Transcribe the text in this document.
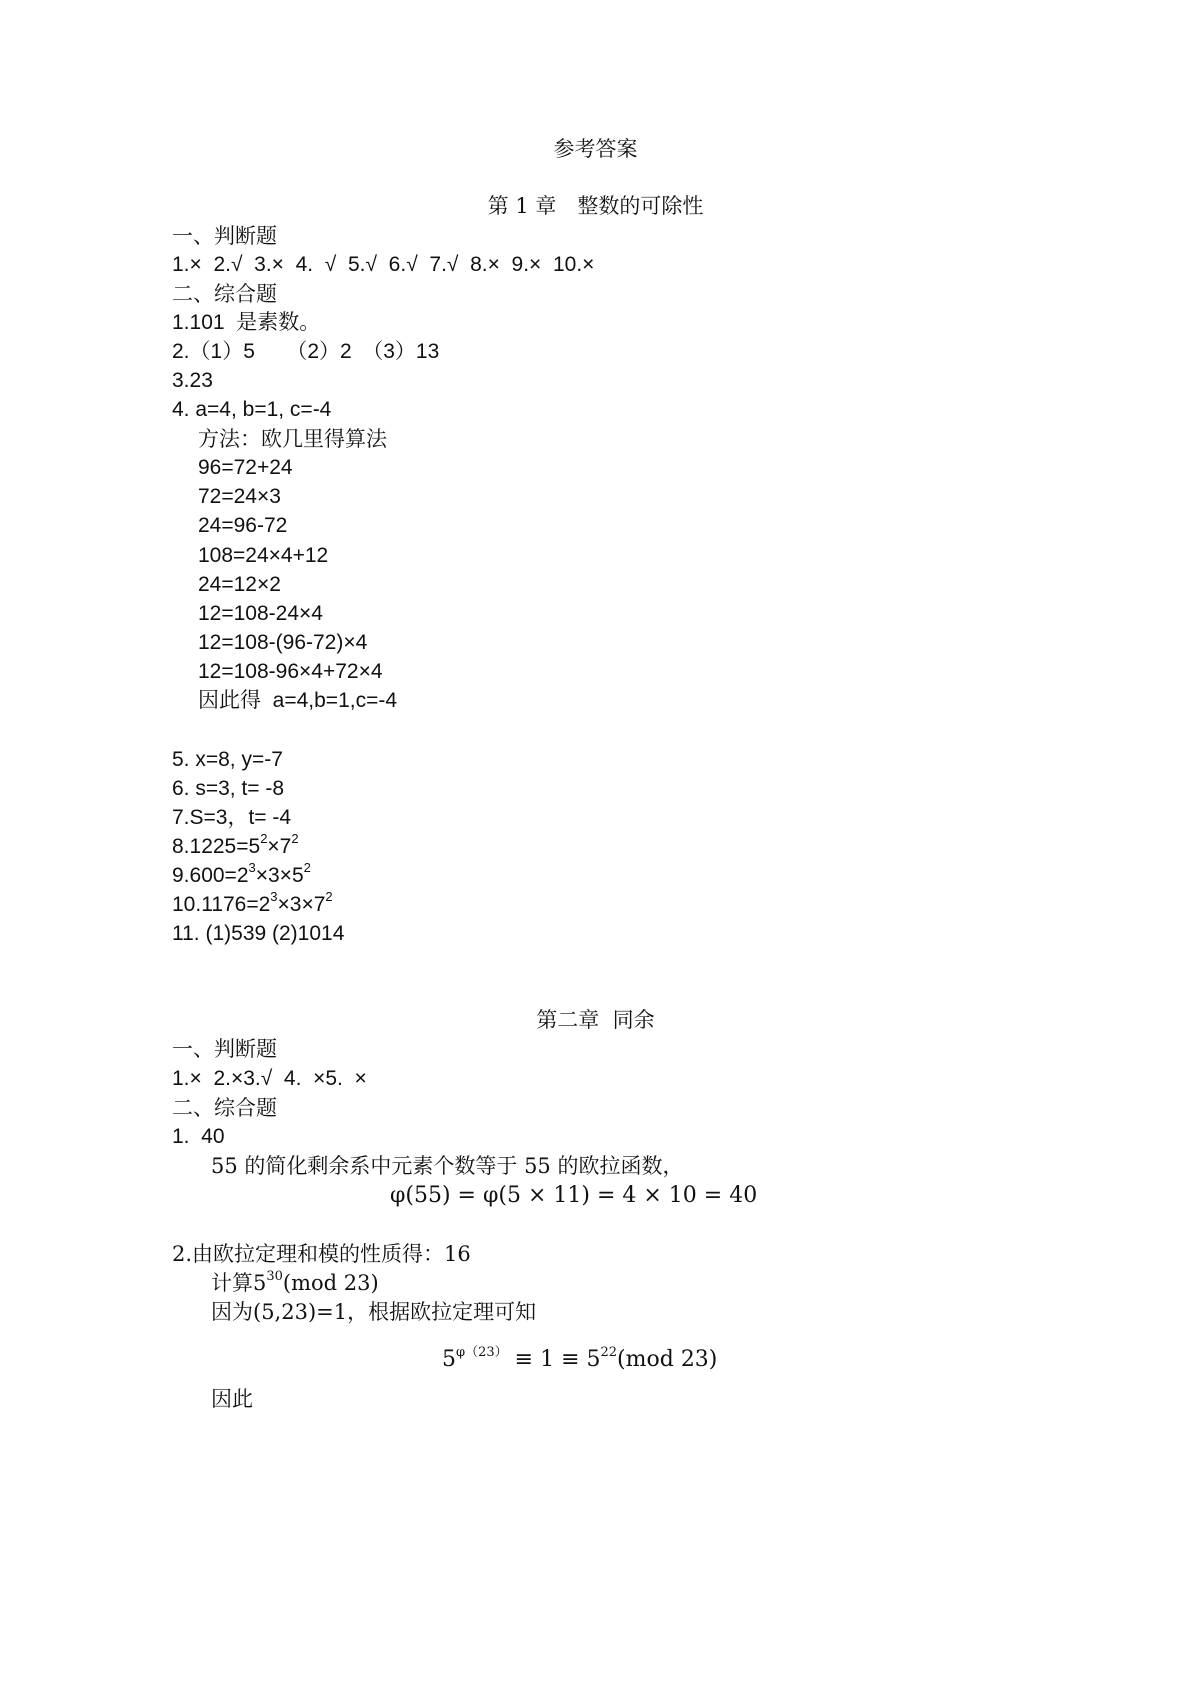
参考答案
第 1 章　整数的可除性
一、判断题
1.×  2.√  3.×  4.  √  5.√  6.√  7.√  8.×  9.×  10.×
二、综合题
1.101  是素数。
2.（1）5　　（2）2　（3）13
3.23
4. a=4, b=1, c=-4
方法：欧几里得算法
96=72+24
72=24×3
24=96-72
108=24×4+12
24=12×2
12=108-24×4
12=108-(96-72)×4
12=108-96×4+72×4
因此得  a=4,b=1,c=-4
5. x=8, y=-7
6. s=3, t= -8
7.S=3，t= -4
$8.1225=5^2\times 7^2$
$9.600=2^3\times 3\times 5^2$
$10.1176=2^3\times 3\times 7^2$
11. (1)539 (2)1014
第二章  同余
一、判断题
1.×  2.×3.√  4.  ×5.  ×
二、综合题
1.  40
55 的简化剩余系中元素个数等于 55 的欧拉函数，
φ(55) = φ(5 × 11) = 4 × 10 = 40
2.由欧拉定理和模的性质得：16
计算$5^{30}(mod$ 23)
因为(5,23)=1，根据欧拉定理可知
$5^{\varphi(23)} \equiv 1 \equiv 5^{22}(mod$ 23)
因此
